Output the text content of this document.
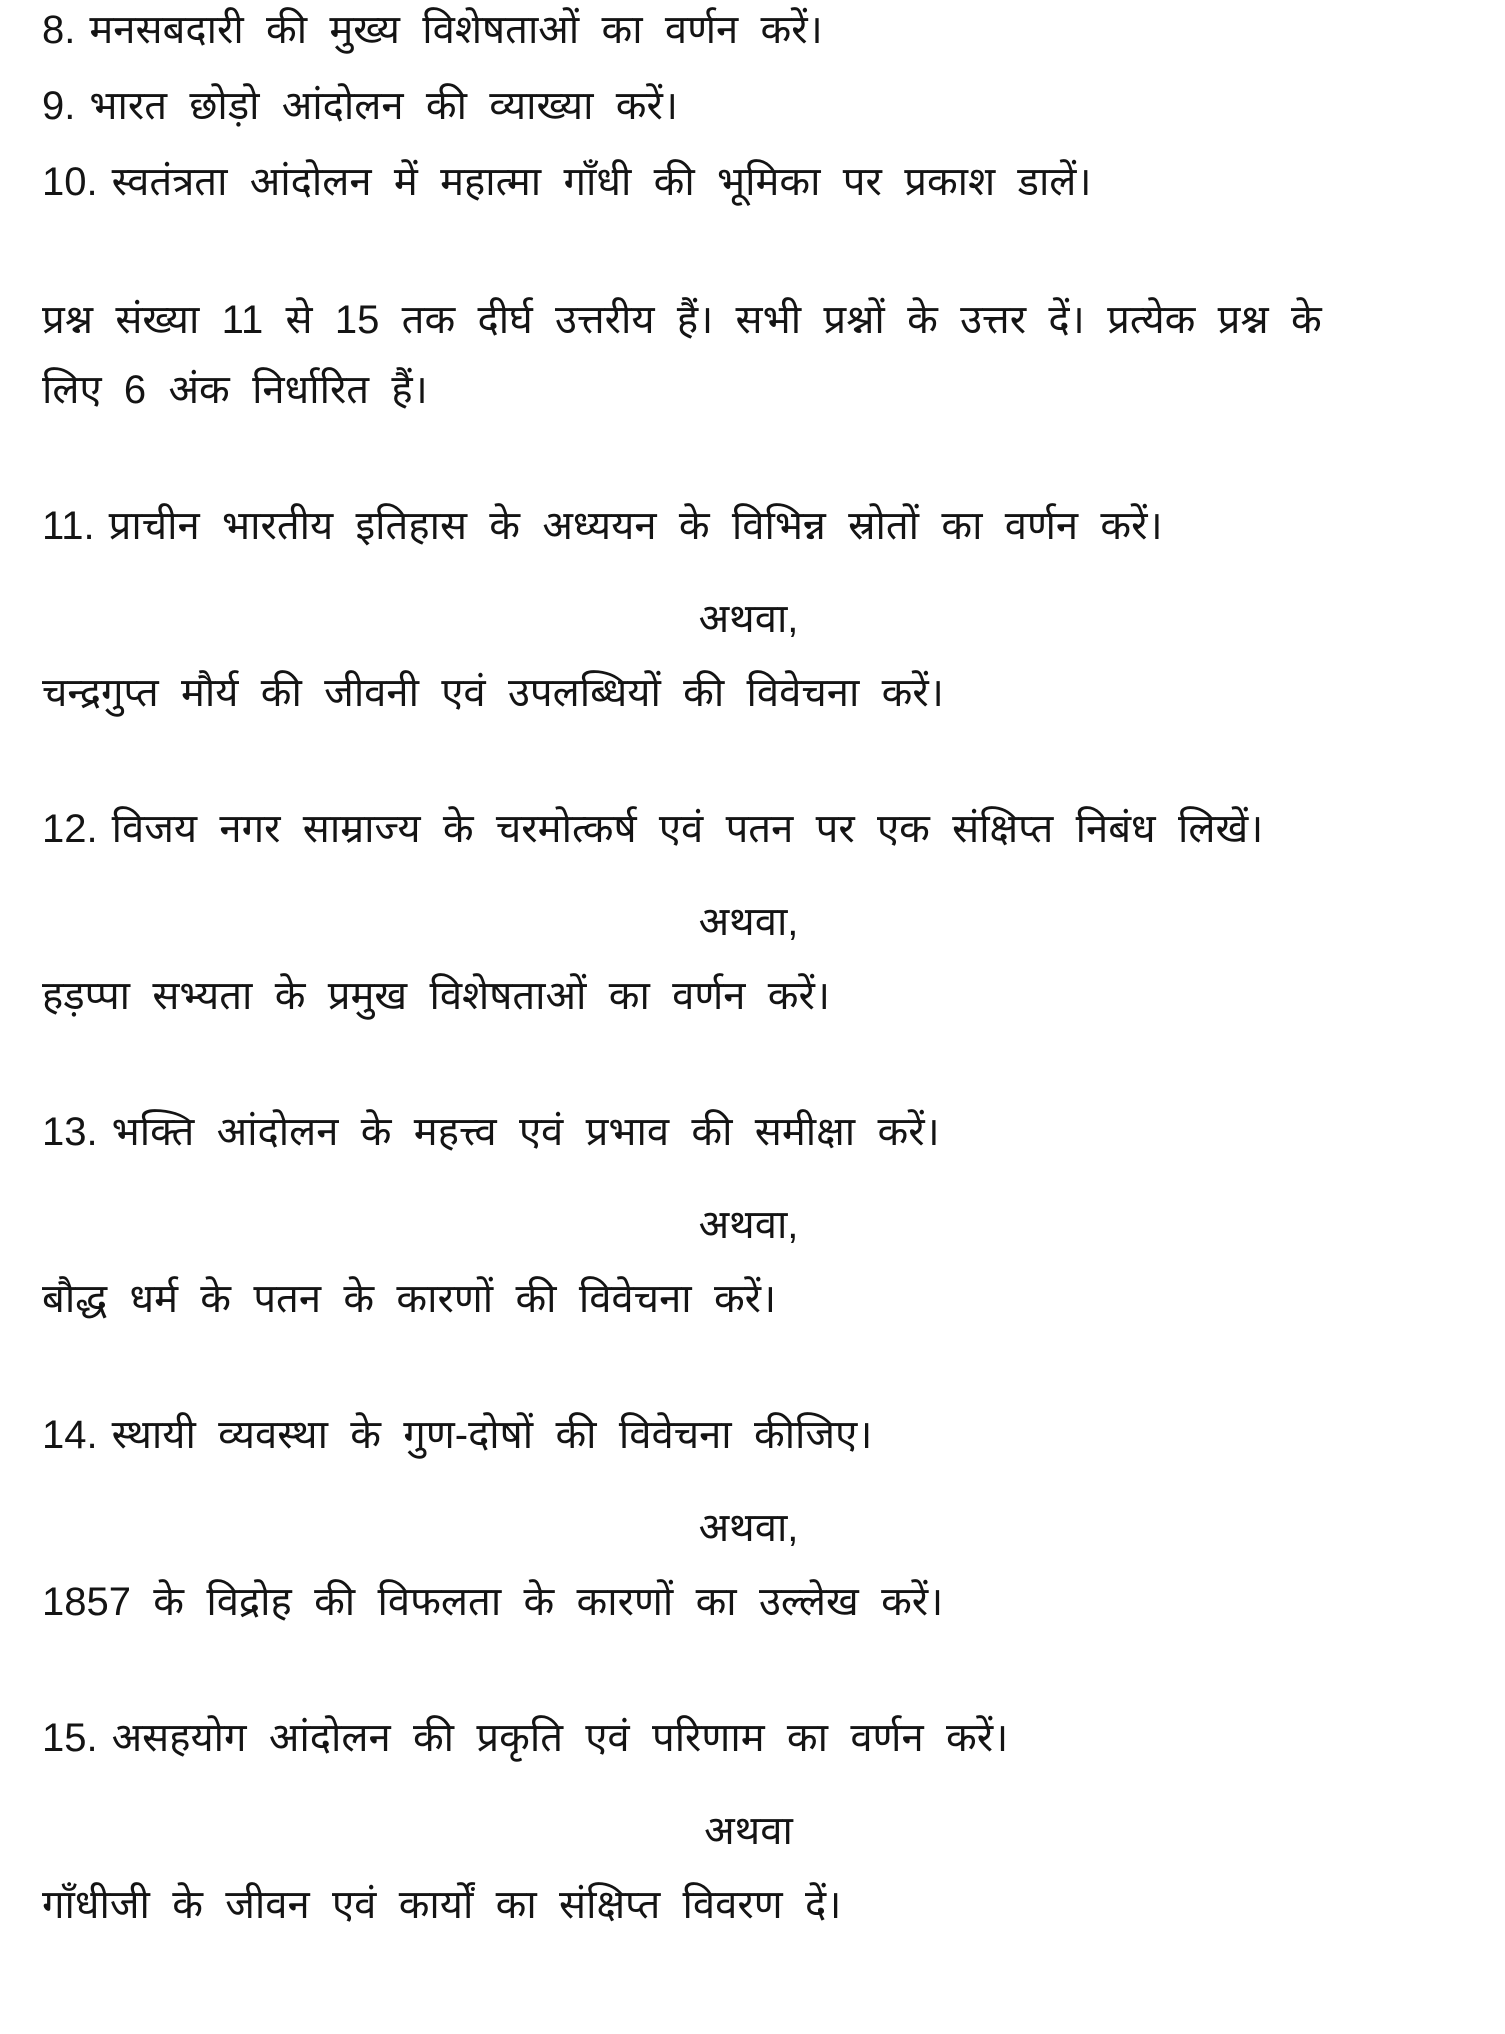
8. मनसबदारी की मुख्य विशेषताओं का वर्णन करें।
9. भारत छोड़ो आंदोलन की व्याख्या करें।
10. स्वतंत्रता आंदोलन में महात्मा गाँधी की भूमिका पर प्रकाश डालें।
प्रश्न संख्या 11 से 15 तक दीर्घ उत्तरीय हैं। सभी प्रश्नों के उत्तर दें। प्रत्येक प्रश्न के
लिए 6 अंक निर्धारित हैं।
11. प्राचीन भारतीय इतिहास के अध्ययन के विभिन्न स्रोतों का वर्णन करें।
अथवा,
चन्द्रगुप्त मौर्य की जीवनी एवं उपलब्धियों की विवेचना करें।
12. विजय नगर साम्राज्य के चरमोत्कर्ष एवं पतन पर एक संक्षिप्त निबंध लिखें।
अथवा,
हड़प्पा सभ्यता के प्रमुख विशेषताओं का वर्णन करें।
13. भक्ति आंदोलन के महत्त्व एवं प्रभाव की समीक्षा करें।
अथवा,
बौद्ध धर्म के पतन के कारणों की विवेचना करें।
14. स्थायी व्यवस्था के गुण-दोषों की विवेचना कीजिए।
अथवा,
1857 के विद्रोह की विफलता के कारणों का उल्लेख करें।
15. असहयोग आंदोलन की प्रकृति एवं परिणाम का वर्णन करें।
अथवा
गाँधीजी के जीवन एवं कार्यों का संक्षिप्त विवरण दें।
